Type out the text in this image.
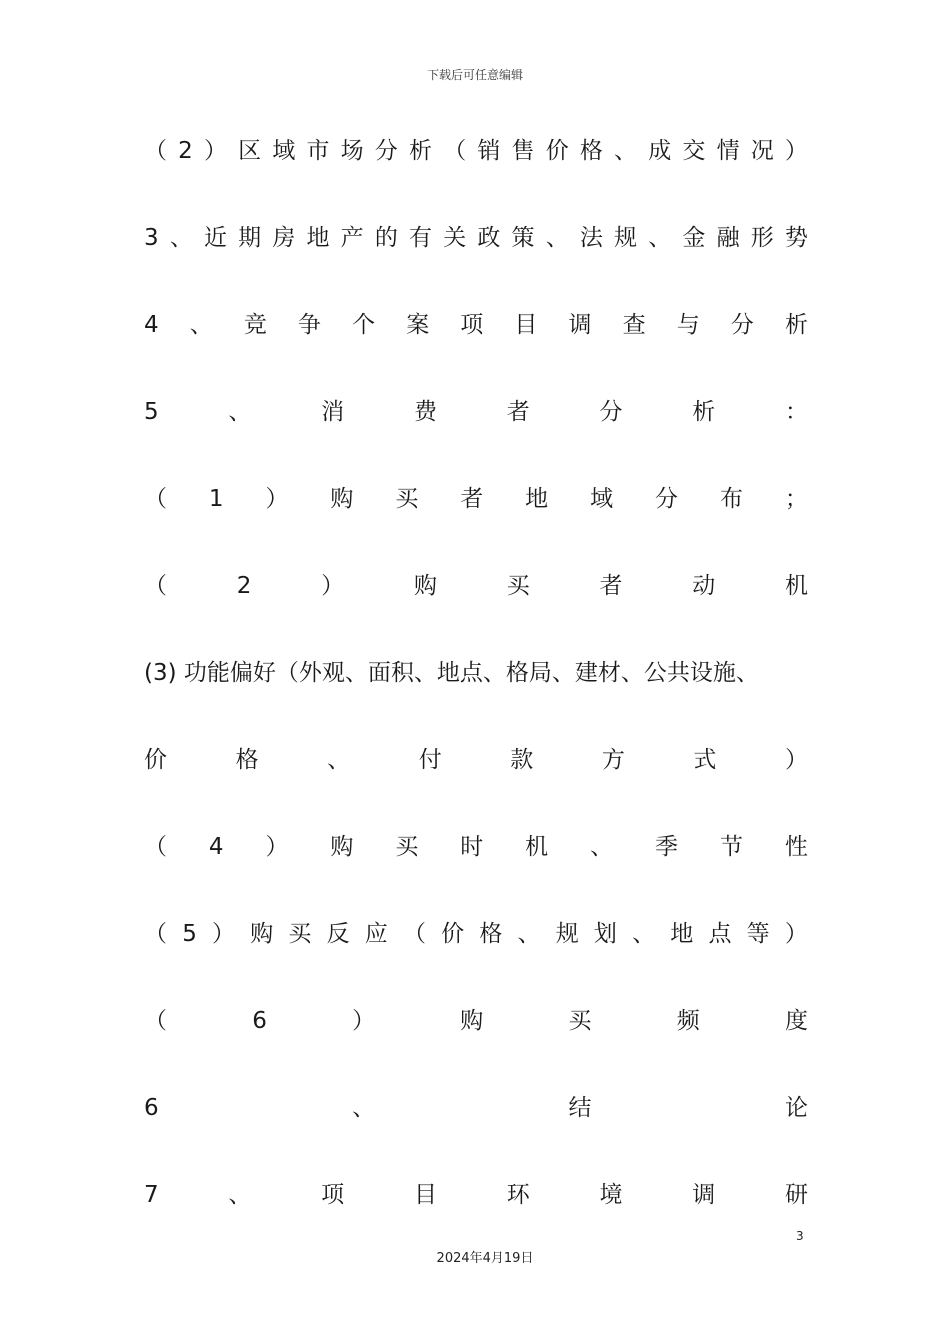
下载后可任意编辑
（ 2 ） 区 域 市 场 分 析 （ 销 售 价 格 、 成 交 情 况 ）
3 、 近 期 房 地 产 的 有 关 政 策 、 法 规 、 金 融 形 势
4 、 竞 争 个 案 项 目 调 查 与 分 析
5	、	消	费	者	分	析	：
（ 1 ） 购 买 者 地 域 分 布 ；
（	2	）	购	买	者	动	机
(3) 功能偏好（外观、面积、地点、格局、建材、公共设施、
价	格	、	付	款	方	式	）
（ 4 ） 购 买 时 机 、 季 节 性
（ 5 ） 购 买 反 应 （ 价 格 、 规 划 、 地 点 等 ）
（	6	）	购	买	频	度
6	、	结	论
7	、	项	目	环	境	调	研
3
2024年4月19日
